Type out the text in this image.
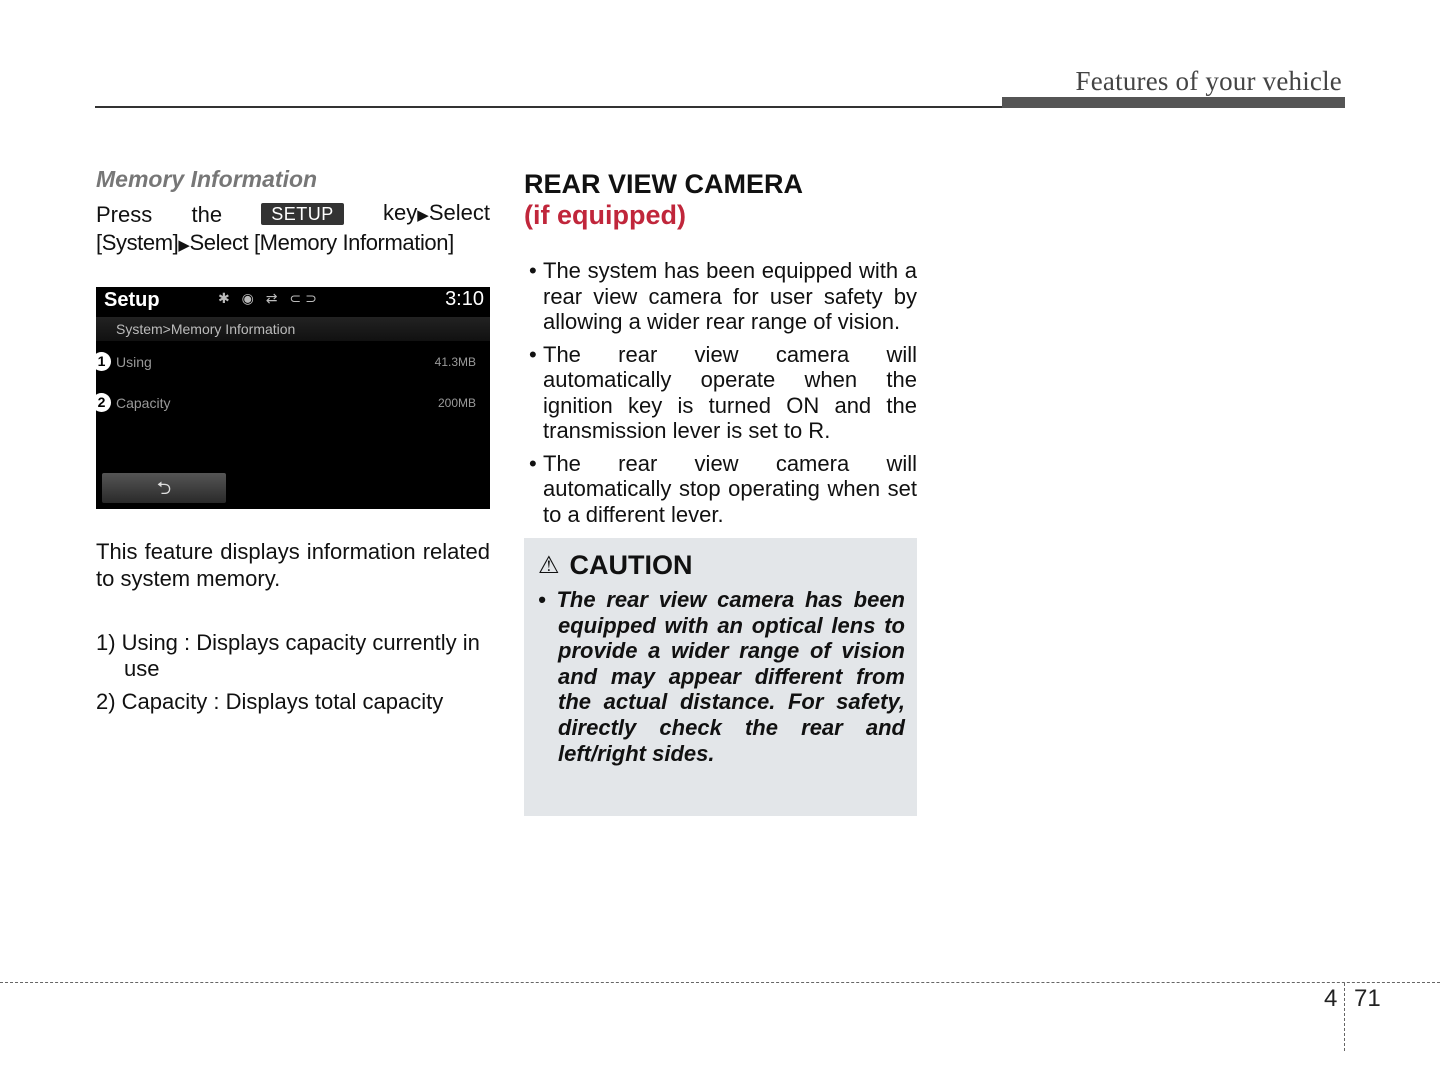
Features of your vehicle
Memory Information
Press the	SETUP	key▶Select
[System]▶Select [Memory Information]
Setup	✱ ◉ ⇄ ⊂⊃	3:10
System>Memory Information
1 Using	41.3MB
2 Capacity	200MB
⮌

This feature displays information related to system memory.

1) Using : Displays capacity currently in use
2) Capacity : Displays total capacity
REAR VIEW CAMERA
(if equipped)
• The system has been equipped with a rear view camera for user safety by allowing a wider rear range of vision.
• The rear view camera will automatically operate when the ignition key is turned ON and the transmission lever is set to R.
• The rear view camera will automatically stop operating when set to a different lever.
⚠ CAUTION

• The rear view camera has been equipped with an optical lens to provide a wider range of vision and may appear different from the actual distance. For safety, directly check the rear and left/right sides.

4 71
